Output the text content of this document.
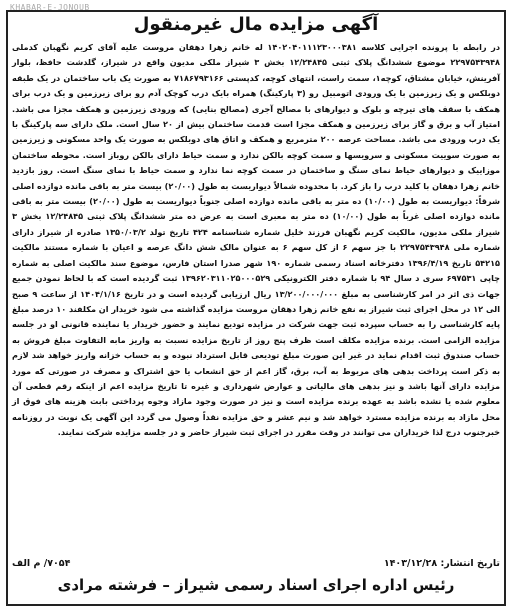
KHABAR-E-JONOUB
آگهی مزایده مال غیرمنقول
در رابطه با پرونده اجرایی کلاسه ۱۴۰۲۰۴۰۱۱۱۲۳۰۰۰۳۸۱ له خانم زهرا دهقان مروست علیه آقای کریم نگهبان کدملی ۲۲۹۷۵۴۳۹۴۸ موضوع ششدانگ پلاک ثبتی ۱۲/۲۴۸۴۵ بخش ۳ شیراز ملکی مدیون واقع در شیراز، گلدشت حافظ، بلوار آفرینش، خیابان مشتاق، کوچه۱، سمت راست، انتهای کوچه، کدپستی ۷۱۸۶۷۹۳۱۶۶ به صورت یک باب ساختمان در یک طبقه دوبلکس و یک زیرزمین با یک ورودی اتومبیل رو (۳ پارکینگ) همراه بایک درب کوچک آدم رو برای زیرزمین و یک درب برای همکف با سقف های تیرچه و بلوک و دیوارهای با مصالح آجری (مصالح بنایی) که ورودی زیرزمین و همکف مجزا می باشد. امتیاز آب و برق و گاز برای زیرزمین و همکف مجزا است قدمت ساختمان بیش از ۲۰ سال است. ملک دارای سه پارکینگ با یک درب ورودی می باشد. مساحت عرصه ۲۰۰ مترمربع و همکف و اتاق های دوبلکس به صورت یک واحد مسکونی و زیرزمین به صورت سوییت مسکونی و سرویسها و سمت کوچه بالکن ندارد و سمت حیاط دارای بالکن روباز است. محوطه ساختمان موزاییک و دیوارهای حیاط نمای سنگ و ساختمان در سمت کوچه نما ندارد و سمت حیاط با نمای سنگ است. روز بازدید خانم زهرا دهقان با کلید درب را باز کرد. با محدوده شمالاً دیواریست به طول (۲۰/۰۰) بیست متر به باقی مانده دوازده اصلی شرقاً: دیواریست به طول (۱۰/۰۰) ده متر به باقی مانده دوازده اصلی جنوباً دیواریست به طول (۲۰/۰۰) بیست متر به باقی مانده دوازده اصلی غرباً به طول (۱۰/۰۰) ده متر به معبری است به عرض ده متر ششدانگ پلاک ثبتی ۱۲/۲۴۸۴۵ بخش ۳ شیراز ملکی مدیون، مالکیت کریم نگهبان فرزند خلیل شماره شناسنامه ۴۲۴ تاریخ تولد ۱۳۵۰/۰۳/۲ صادره از شیراز دارای شماره ملی ۲۲۹۷۵۴۳۹۴۸ با جز سهم ۶ از کل سهم ۶ به عنوان مالک شش دانگ عرصه و اعیان با شماره مستند مالکیت ۵۴۲۱۵ تاریخ ۱۳۹۶/۴/۱۹ دفترخانه اسناد رسمی شماره ۱۹۰ شهر صدرا استان فارس، موضوع سند مالکیت اصلی به شماره چاپی ۶۹۷۵۳۱ سری د سال ۹۴ با شماره دفتر الکترونیکی ۱۳۹۶۲۰۳۱۱۰۲۵۰۰۰۵۲۹ ثبت گردیده است که با لحاظ نمودن جمیع جهات ذی اثر در امر کارشناسی به مبلغ ۱۳/۲۰۰/۰۰۰/۰۰۰ ریال ارزیابی گردیده است و در تاریخ ۱۴۰۴/۱/۱۶ از ساعت ۹ صبح الی ۱۲ در محل اجرای ثبت شیراز به نفع خانم زهرا دهقان مروست مزایده گذاشته می شود خریدار ان مکلفند ۱۰ درصد مبلغ پایه کارشناسی را به حساب سپرده ثبت جهت شرکت در مزایده تودیع نمایند و حضور خریدار یا نماینده قانونی او در جلسه مزایده الزامی است. برنده مزایده مکلف است ظرف پنج روز از تاریخ مزایده نسبت به واریز مابه التفاوت مبلغ فروش به حساب صندوق ثبت اقدام نماید در غیر این صورت مبلغ تودیعی قابل استرداد نبوده و به حساب خزانه واریز خواهد شد لازم به ذکر است پرداخت بدهی های مربوط به آب، برق، گاز اعم از حق انشعاب یا حق اشتراک و مصرف در صورتی که مورد مزایده دارای آنها باشد و نیز بدهی های مالیاتی و عوارض شهرداری و غیره تا تاریخ مزایده اعم از اینکه رقم قطعی آن معلوم شده یا نشده باشد به عهده برنده مزایده است و نیز در صورت وجود مازاد وجوه پرداختی بابت هزینه های فوق از محل مازاد به برنده مزایده مسترد خواهد شد و نیم عشر و حق مزایده نقداً وصول می گردد این آگهی یک نوبت در روزنامه خبرجنوب درج لذا خریداران می توانند در وقت مقرر در اجرای ثبت شیراز حاضر و در جلسه مزایده شرکت نمایند.
تاریخ انتشار: ۱۴۰۳/۱۲/۲۸
۷۰۵۴/ م الف
رئیس اداره اجرای اسناد رسمی شیراز – فرشته مرادی
